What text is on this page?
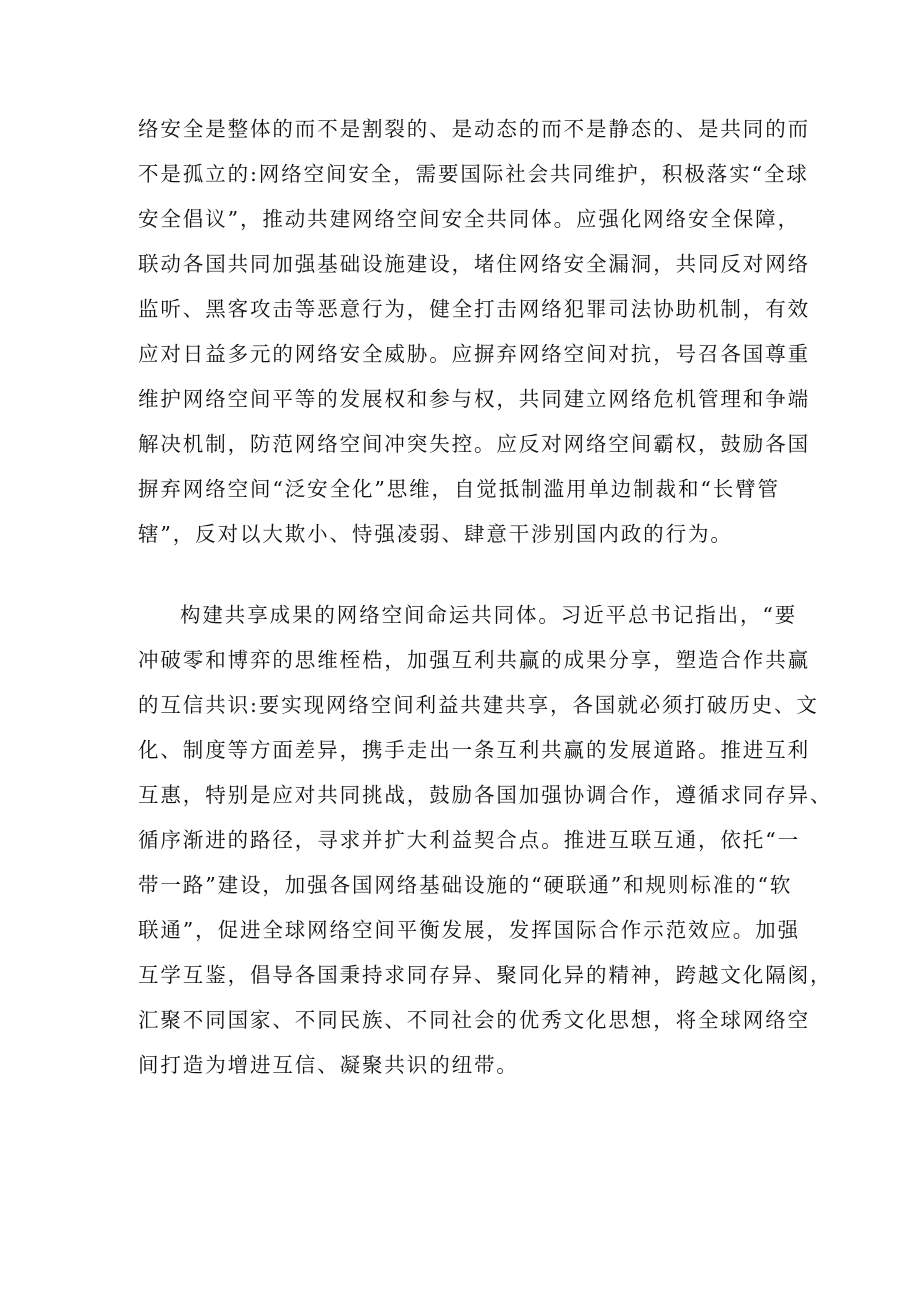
络安全是整体的而不是割裂的、是动态的而不是静态的、是共同的而
不是孤立的:网络空间安全，需要国际社会共同维护，积极落实“全球
安全倡议”，推动共建网络空间安全共同体。应强化网络安全保障，
联动各国共同加强基础设施建设，堵住网络安全漏洞，共同反对网络
监听、黑客攻击等恶意行为，健全打击网络犯罪司法协助机制，有效
应对日益多元的网络安全威胁。应摒弃网络空间对抗，号召各国尊重
维护网络空间平等的发展权和参与权，共同建立网络危机管理和争端
解决机制，防范网络空间冲突失控。应反对网络空间霸权，鼓励各国
摒弃网络空间“泛安全化”思维，自觉抵制滥用单边制裁和“长臂管
辖”，反对以大欺小、恃强凌弱、肆意干涉别国内政的行为。
构建共享成果的网络空间命运共同体。习近平总书记指出，“要
冲破零和博弈的思维桎梏，加强互利共赢的成果分享，塑造合作共赢
的互信共识:要实现网络空间利益共建共享，各国就必须打破历史、文
化、制度等方面差异，携手走出一条互利共赢的发展道路。推进互利
互惠，特别是应对共同挑战，鼓励各国加强协调合作，遵循求同存异、
循序渐进的路径，寻求并扩大利益契合点。推进互联互通，依托“一
带一路”建设，加强各国网络基础设施的“硬联通”和规则标准的“软
联通”，促进全球网络空间平衡发展，发挥国际合作示范效应。加强
互学互鉴，倡导各国秉持求同存异、聚同化异的精神，跨越文化隔阂，
汇聚不同国家、不同民族、不同社会的优秀文化思想，将全球网络空
间打造为增进互信、凝聚共识的纽带。
